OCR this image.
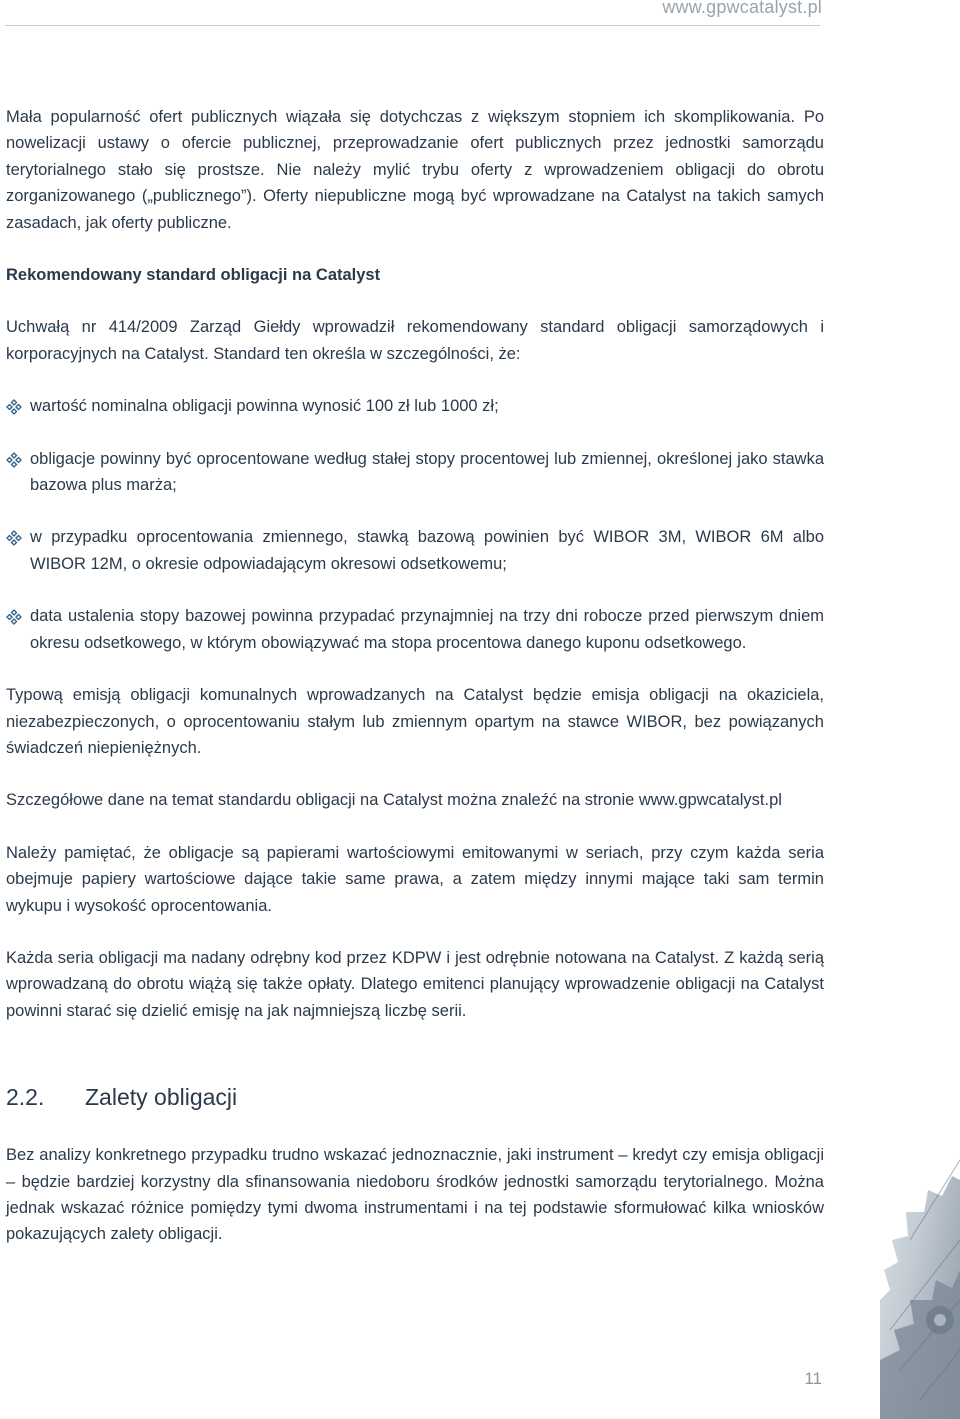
www.gpwcatalyst.pl

Mała popularność ofert publicznych wiązała się dotychczas z większym stopniem ich skomplikowania. Po nowelizacji ustawy o ofercie publicznej, przeprowadzanie ofert publicznych przez jednostki samorządu terytorialnego stało się prostsze. Nie należy mylić trybu oferty z wprowadzeniem obligacji do obrotu zorganizowanego („publicznego”). Oferty niepubliczne mogą być wprowadzane na Catalyst na takich samych zasadach, jak oferty publiczne.

Rekomendowany standard obligacji na Catalyst

Uchwałą nr 414/2009 Zarząd Giełdy wprowadził rekomendowany standard obligacji samorządowych i korporacyjnych na Catalyst. Standard ten określa w szczególności, że:

wartość nominalna obligacji powinna wynosić 100 zł lub 1000 zł;
obligacje powinny być oprocentowane według stałej stopy procentowej lub zmiennej, określonej jako stawka bazowa plus marża;
w przypadku oprocentowania zmiennego, stawką bazową powinien być WIBOR 3M, WIBOR 6M albo WIBOR 12M, o okresie odpowiadającym okresowi odsetkowemu;
data ustalenia stopy bazowej powinna przypadać przynajmniej na trzy dni robocze przed pierwszym dniem okresu odsetkowego, w którym obowiązywać ma stopa procentowa danego kuponu odsetkowego.

Typową emisją obligacji komunalnych wprowadzanych na Catalyst będzie emisja obligacji na okaziciela, niezabezpieczonych, o oprocentowaniu stałym lub zmiennym opartym na stawce WIBOR, bez powiązanych świadczeń niepieniężnych.

Szczegółowe dane na temat standardu obligacji na Catalyst można znaleźć na stronie www.gpwcatalyst.pl

Należy pamiętać, że obligacje są papierami wartościowymi emitowanymi w seriach, przy czym każda seria obejmuje papiery wartościowe dające takie same prawa, a zatem między innymi mające taki sam termin wykupu i wysokość oprocentowania.

Każda seria obligacji ma nadany odrębny kod przez KDPW i jest odrębnie notowana na Catalyst. Z każdą serią wprowadzaną do obrotu wiążą się także opłaty. Dlatego emitenci planujący wprowadzenie obligacji na Catalyst powinni starać się dzielić emisję na jak najmniejszą liczbę serii.

2.2.	Zalety obligacji

Bez analizy konkretnego przypadku trudno wskazać jednoznacznie, jaki instrument – kredyt czy emisja obligacji – będzie bardziej korzystny dla sfinansowania niedoboru środków jednostki samorządu terytorialnego. Można jednak wskazać różnice pomiędzy tymi dwoma instrumentami i na tej podstawie sformułować kilka wniosków pokazujących zalety obligacji.

11
